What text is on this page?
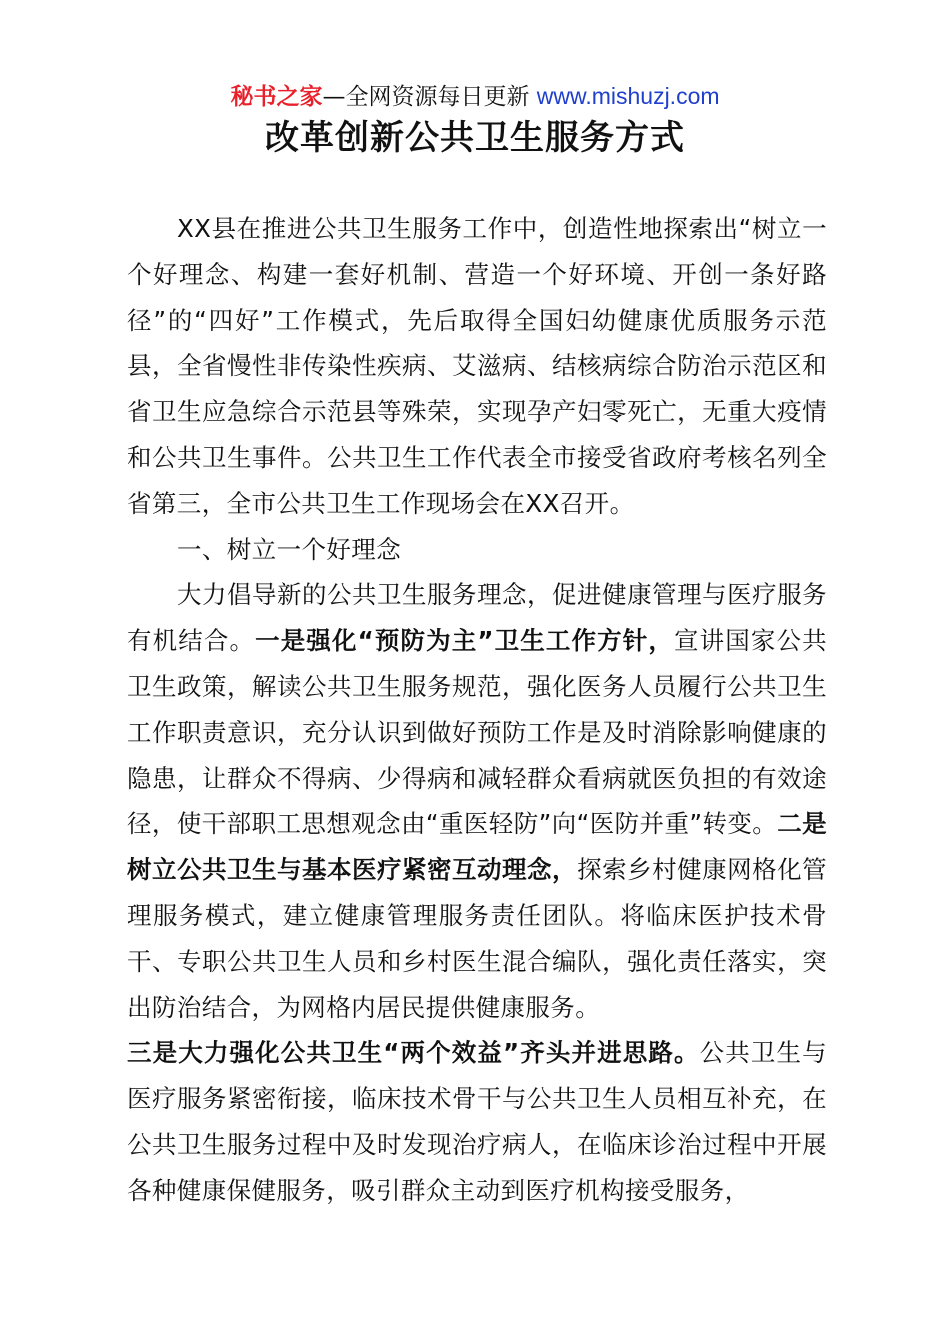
秘书之家—全网资源每日更新 www.mishuzj.com
改革创新公共卫生服务方式

XX县在推进公共卫生服务工作中，创造性地探索出“树立一个好理念、构建一套好机制、营造一个好环境、开创一条好路径”的“四好”工作模式，先后取得全国妇幼健康优质服务示范县，全省慢性非传染性疾病、艾滋病、结核病综合防治示范区和省卫生应急综合示范县等殊荣，实现孕产妇零死亡，无重大疫情和公共卫生事件。公共卫生工作代表全市接受省政府考核名列全省第三，全市公共卫生工作现场会在XX召开。

一、树立一个好理念

大力倡导新的公共卫生服务理念，促进健康管理与医疗服务有机结合。一是强化“预防为主”卫生工作方针，宣讲国家公共卫生政策，解读公共卫生服务规范，强化医务人员履行公共卫生工作职责意识，充分认识到做好预防工作是及时消除影响健康的隐患，让群众不得病、少得病和减轻群众看病就医负担的有效途径，使干部职工思想观念由“重医轻防”向“医防并重”转变。二是树立公共卫生与基本医疗紧密互动理念，探索乡村健康网格化管理服务模式，建立健康管理服务责任团队。将临床医护技术骨干、专职公共卫生人员和乡村医生混合编队，强化责任落实，突出防治结合，为网格内居民提供健康服务。

三是大力强化公共卫生“两个效益”齐头并进思路。公共卫生与医疗服务紧密衔接，临床技术骨干与公共卫生人员相互补充，在公共卫生服务过程中及时发现治疗病人，在临床诊治过程中开展各种健康保健服务，吸引群众主动到医疗机构接受服务，
